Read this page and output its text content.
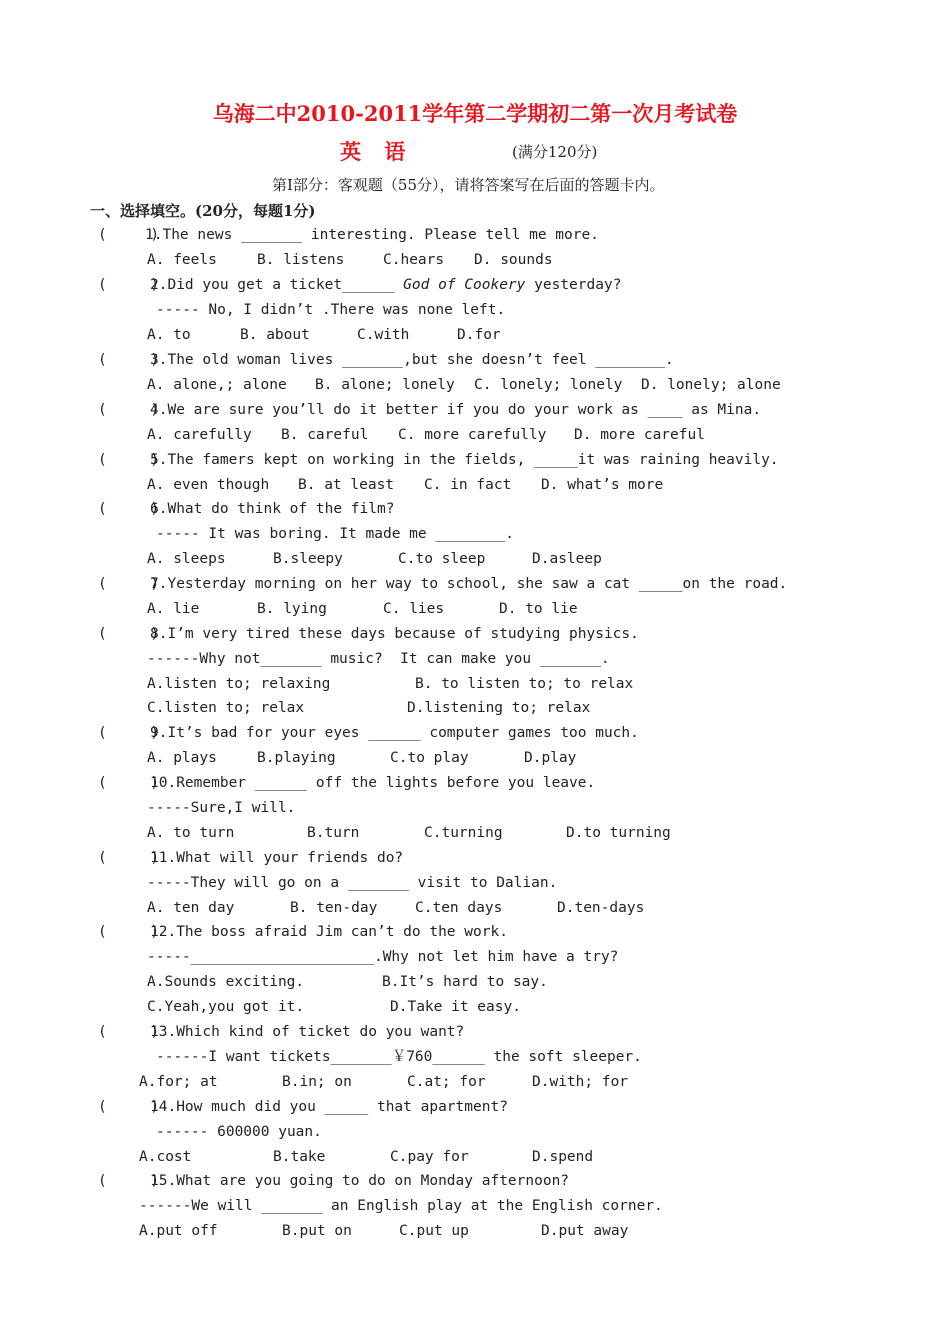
乌海二中2010-2011学年第二学期初二第一次月考试卷
英 语	(满分120分)
第Ⅰ部分：客观题（55分），请将答案写在后面的答题卡内。
一、选择填空。(20分，每题1分)
(     )
1.The news _______ interesting. Please tell me more.
A. feels	B. listens	C.hears D. sounds
(     )
2.Did you get a ticket______ God of Cookery yesterday?
----- No, I didn’t .There was none left.
A. to	B. about	C.with	D.for
(     )
3.The old woman lives _______,but she doesn’t feel ________.
A. alone,; alone B. alone; lonely C. lonely; lonely D. lonely; alone
(     )
4.We are sure you’ll do it better if you do your work as ____ as Mina.
A. carefully B. careful C. more carefully D. more careful
(     )
5.The famers kept on working in the fields, _____it was raining heavily.
A. even though B. at least C. in fact D. what’s more
(     )
6.What do think of the film?
----- It was boring. It made me ________.
A. sleeps	B.sleepy	C.to sleep	D.asleep
(     )
7.Yesterday morning on her way to school, she saw a cat _____on the road.
A. lie	B. lying	C. lies	D. to lie
(     )
8.I’m very tired these days because of studying physics.
------Why not_______ music?  It can make you _______.
A.listen to; relaxing	B. to listen to; to relax
C.listen to; relax	D.listening to; relax
(     )
9.It’s bad for your eyes ______ computer games too much.
A. plays	B.playing	C.to play	D.play
(     )
10.Remember ______ off the lights before you leave.
-----Sure,I will.
A. to turn	B.turn	C.turning	D.to turning
(     )
11.What will your friends do?
-----They will go on a _______ visit to Dalian.
A. ten day	B. ten-day	C.ten days	D.ten-days
(     )
12.The boss afraid Jim can’t do the work.
-----_____________________.Why not let him have a try?
A.Sounds exciting.	B.It’s hard to say.
C.Yeah,you got it.	D.Take it easy.
(     )
13.Which kind of ticket do you want?
------I want tickets_______￥760______ the soft sleeper.
A.for; at	B.in; on	C.at; for	D.with; for
(     )
14.How much did you _____ that apartment?
------ 600000 yuan.
A.cost	B.take	C.pay for	D.spend
(     )
15.What are you going to do on Monday afternoon?
------We will _______ an English play at the English corner.
A.put off	B.put on	C.put up	D.put away
